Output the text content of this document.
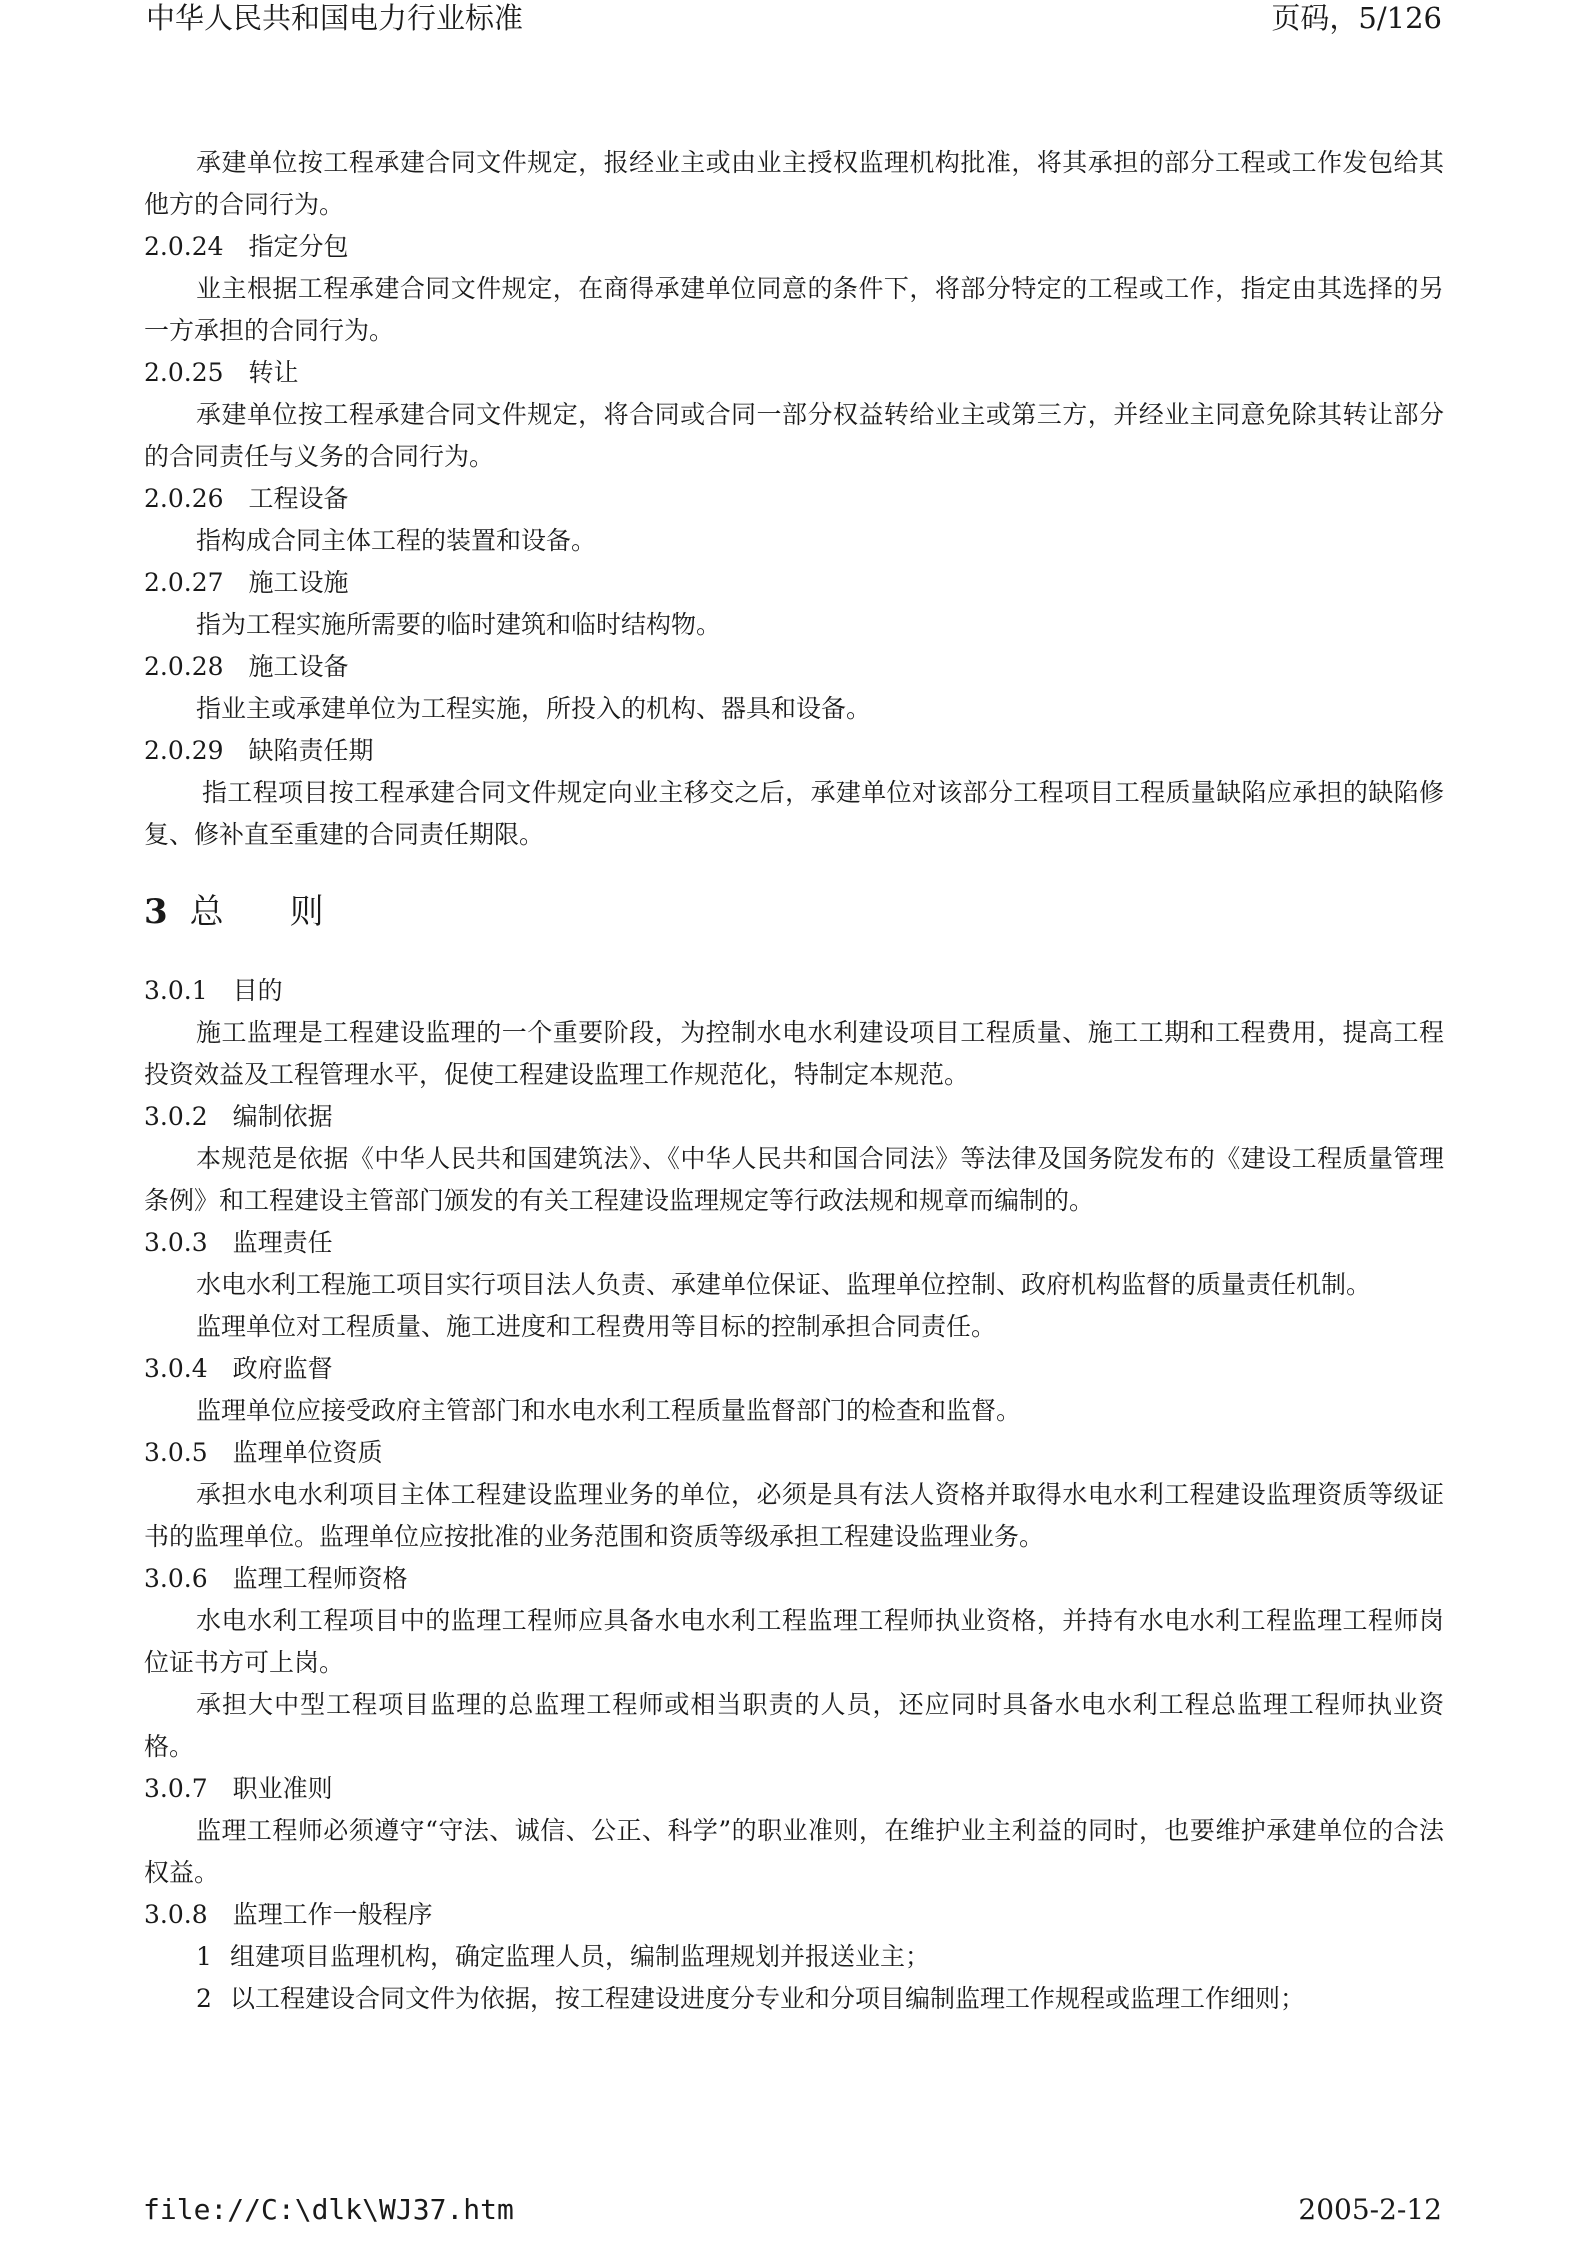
中华人民共和国电力行业标准	页码，5/126

承建单位按工程承建合同文件规定，报经业主或由业主授权监理机构批准，将其承担的部分工程或工作发包给其他方的合同行为。

2.0.24　指定分包

业主根据工程承建合同文件规定，在商得承建单位同意的条件下，将部分特定的工程或工作，指定由其选择的另一方承担的合同行为。

2.0.25　转让

承建单位按工程承建合同文件规定，将合同或合同一部分权益转给业主或第三方，并经业主同意免除其转让部分的合同责任与义务的合同行为。

2.0.26　工程设备

指构成合同主体工程的装置和设备。

2.0.27　施工设施

指为工程实施所需要的临时建筑和临时结构物。

2.0.28　施工设备

指业主或承建单位为工程实施，所投入的机构、器具和设备。

2.0.29　缺陷责任期

指工程项目按工程承建合同文件规定向业主移交之后，承建单位对该部分工程项目工程质量缺陷应承担的缺陷修复、修补直至重建的合同责任期限。

3 总 则

3.0.1　目的

施工监理是工程建设监理的一个重要阶段，为控制水电水利建设项目工程质量、施工工期和工程费用，提高工程投资效益及工程管理水平，促使工程建设监理工作规范化，特制定本规范。

3.0.2　编制依据

本规范是依据《中华人民共和国建筑法》、《中华人民共和国合同法》等法律及国务院发布的《建设工程质量管理条例》和工程建设主管部门颁发的有关工程建设监理规定等行政法规和规章而编制的。

3.0.3　监理责任

水电水利工程施工项目实行项目法人负责、承建单位保证、监理单位控制、政府机构监督的质量责任机制。

监理单位对工程质量、施工进度和工程费用等目标的控制承担合同责任。

3.0.4　政府监督

监理单位应接受政府主管部门和水电水利工程质量监督部门的检查和监督。

3.0.5　监理单位资质

承担水电水利项目主体工程建设监理业务的单位，必须是具有法人资格并取得水电水利工程建设监理资质等级证书的监理单位。监理单位应按批准的业务范围和资质等级承担工程建设监理业务。

3.0.6　监理工程师资格

水电水利工程项目中的监理工程师应具备水电水利工程监理工程师执业资格，并持有水电水利工程监理工程师岗位证书方可上岗。

承担大中型工程项目监理的总监理工程师或相当职责的人员，还应同时具备水电水利工程总监理工程师执业资格。

3.0.7　职业准则

监理工程师必须遵守“守法、诚信、公正、科学”的职业准则，在维护业主利益的同时，也要维护承建单位的合法权益。

3.0.8　监理工作一般程序

1 组建项目监理机构，确定监理人员，编制监理规划并报送业主；

2 以工程建设合同文件为依据，按工程建设进度分专业和分项目编制监理工作规程或监理工作细则；

file://C:\dlk\WJ37.htm	2005-2-12
